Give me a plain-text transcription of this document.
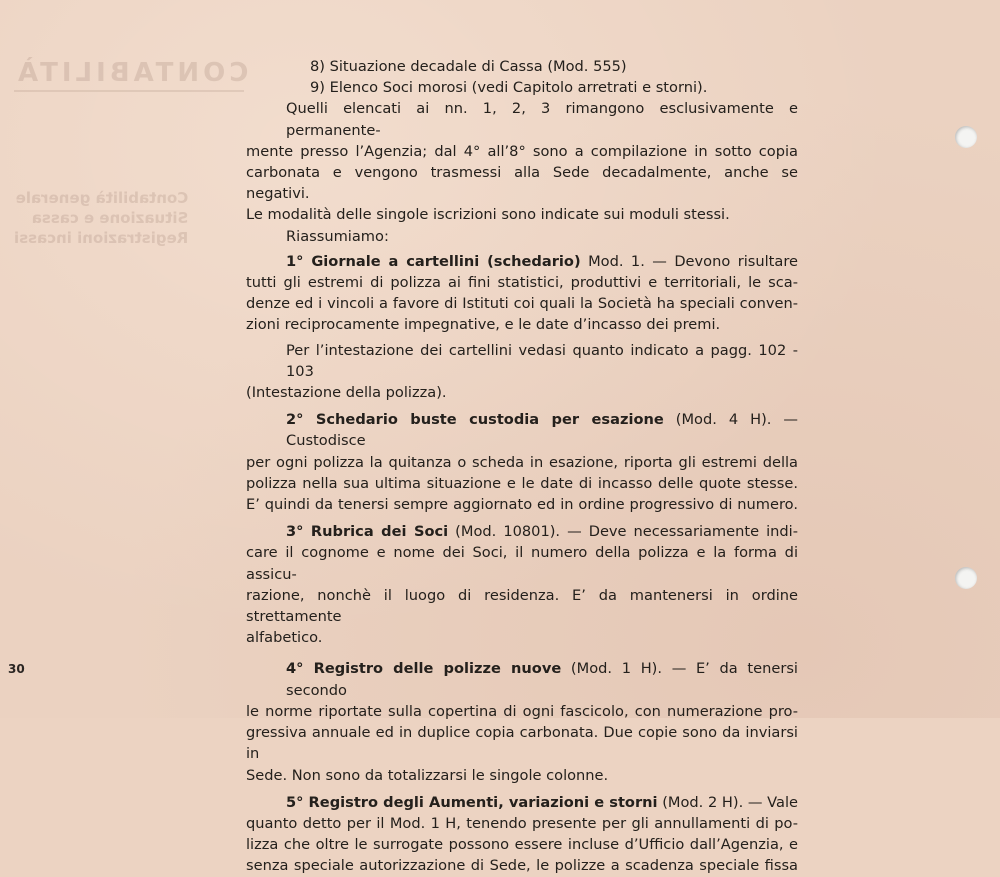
CONTABILITÀ
Contabilità generale
Situazione e cassa
Registrazioni incassi
8) Situazione decadale di Cassa (Mod. 555)
9) Elenco Soci morosi (vedi Capitolo arretrati e storni).
Quelli elencati ai nn. 1, 2, 3 rimangono esclusivamente e permanente-
mente presso l’Agenzia; dal 4° all’8° sono a compilazione in sotto copia
carbonata e vengono trasmessi alla Sede decadalmente, anche se negativi.
Le modalità delle singole iscrizioni sono indicate sui moduli stessi.
Riassumiamo:
1° Giornale a cartellini (schedario) Mod. 1. — Devono risultare
tutti gli estremi di polizza ai fini statistici, produttivi e territoriali, le sca-
denze ed i vincoli a favore di Istituti coi quali la Società ha speciali conven-
zioni reciprocamente impegnative, e le date d’incasso dei premi.
Per l’intestazione dei cartellini vedasi quanto indicato a pagg. 102 - 103
(Intestazione della polizza).
2° Schedario buste custodia per esazione (Mod. 4 H). — Custodisce
per ogni polizza la quitanza o scheda in esazione, riporta gli estremi della
polizza nella sua ultima situazione e le date di incasso delle quote stesse.
E’ quindi da tenersi sempre aggiornato ed in ordine progressivo di numero.
3° Rubrica dei Soci (Mod. 10801). — Deve necessariamente indi-
care il cognome e nome dei Soci, il numero della polizza e la forma di assicu-
razione, nonchè il luogo di residenza. E’ da mantenersi in ordine strettamente
alfabetico.
4° Registro delle polizze nuove (Mod. 1 H). — E’ da tenersi secondo
le norme riportate sulla copertina di ogni fascicolo, con numerazione pro-
gressiva annuale ed in duplice copia carbonata. Due copie sono da inviarsi in
Sede. Non sono da totalizzarsi le singole colonne.
5° Registro degli Aumenti, variazioni e storni (Mod. 2 H). — Vale
quanto detto per il Mod. 1 H, tenendo presente per gli annullamenti di po-
lizza che oltre le surrogate possono essere incluse d’Ufficio dall’Agenzia, e
senza speciale autorizzazione di Sede, le polizze a scadenza speciale fissa
30
